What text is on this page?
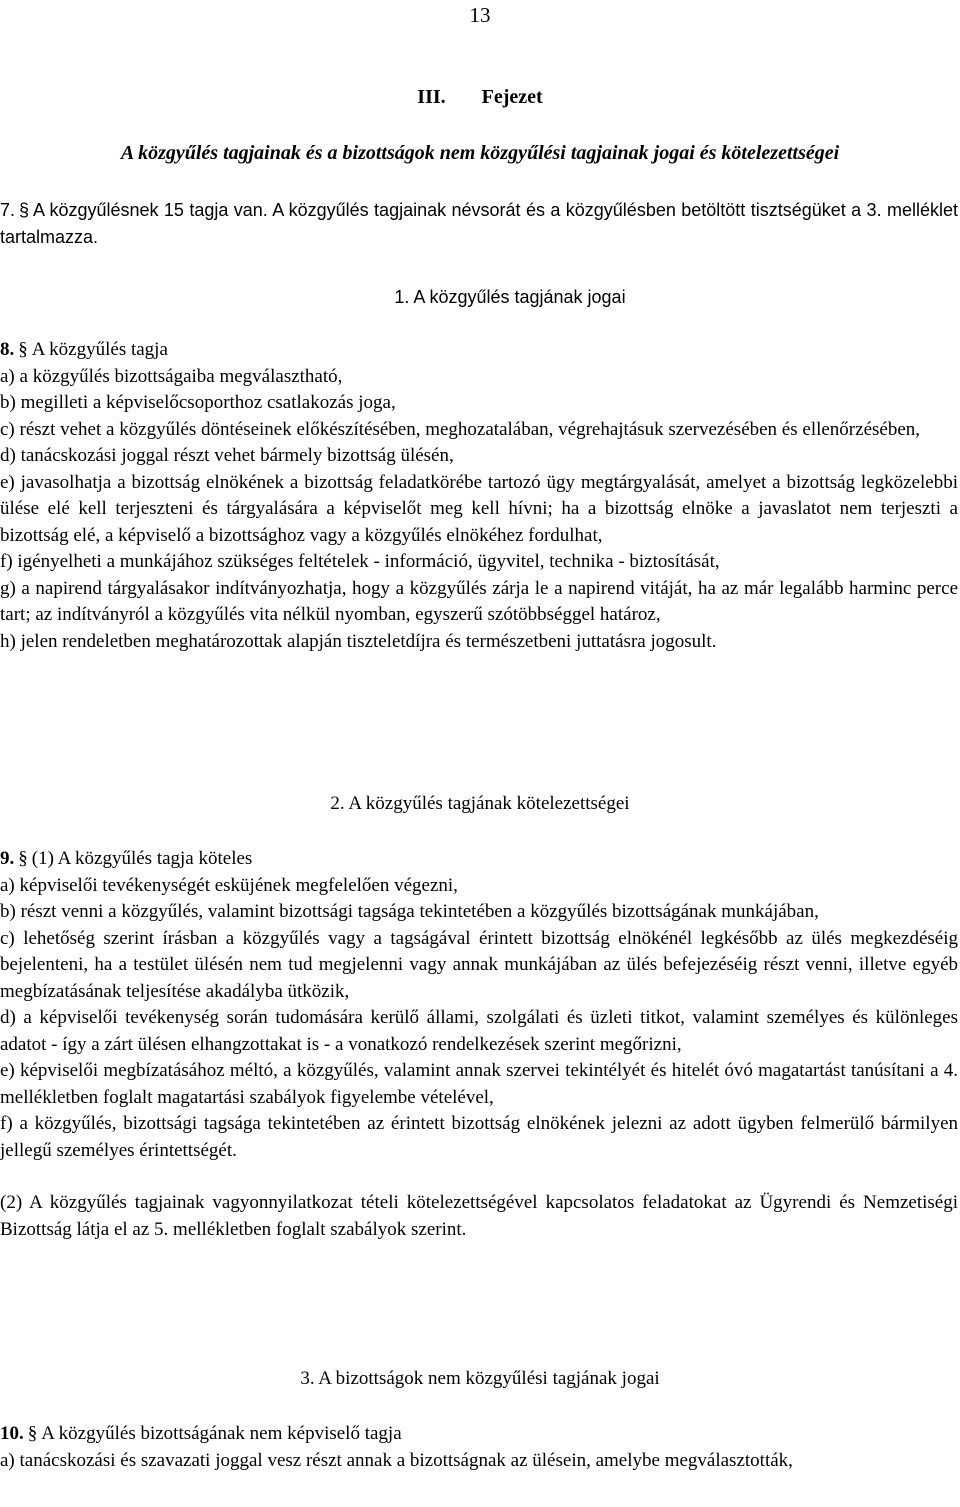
13
III. Fejezet
A közgyűlés tagjainak és a bizottságok nem közgyűlési tagjainak jogai és kötelezettségei

7. § A közgyűlésnek 15 tagja van. A közgyűlés tagjainak névsorát és a közgyűlésben betöltött tisztségüket a 3. melléklet tartalmazza.

1. A közgyűlés tagjának jogai

8. § A közgyűlés tagja

a) a közgyűlés bizottságaiba megválasztható,

b) megilleti a képviselőcsoporthoz csatlakozás joga,

c) részt vehet a közgyűlés döntéseinek előkészítésében, meghozatalában, végrehajtásuk szervezésében és ellenőrzésében,

d) tanácskozási joggal részt vehet bármely bizottság ülésén,

e) javasolhatja a bizottság elnökének a bizottság feladatkörébe tartozó ügy megtárgyalását, amelyet a bizottság legközelebbi ülése elé kell terjeszteni és tárgyalására a képviselőt meg kell hívni; ha a bizottság elnöke a javaslatot nem terjeszti a bizottság elé, a képviselő a bizottsághoz vagy a közgyűlés elnökéhez fordulhat,

f) igényelheti a munkájához szükséges feltételek - információ, ügyvitel, technika - biztosítását,

g) a napirend tárgyalásakor indítványozhatja, hogy a közgyűlés zárja le a napirend vitáját, ha az már legalább harminc perce tart; az indítványról a közgyűlés vita nélkül nyomban, egyszerű szótöbbséggel határoz,

h) jelen rendeletben meghatározottak alapján tiszteletdíjra és természetbeni juttatásra jogosult.

2. A közgyűlés tagjának kötelezettségei

9. § (1) A közgyűlés tagja köteles

a) képviselői tevékenységét esküjének megfelelően végezni,

b) részt venni a közgyűlés, valamint bizottsági tagsága tekintetében a közgyűlés bizottságának munkájában,

c) lehetőség szerint írásban a közgyűlés vagy a tagságával érintett bizottság elnökénél legkésőbb az ülés megkezdéséig bejelenteni, ha a testület ülésén nem tud megjelenni vagy annak munkájában az ülés befejezéséig részt venni, illetve egyéb megbízatásának teljesítése akadályba ütközik,

d) a képviselői tevékenység során tudomására kerülő állami, szolgálati és üzleti titkot, valamint személyes és különleges adatot - így a zárt ülésen elhangzottakat is - a vonatkozó rendelkezések szerint megőrizni,

e) képviselői megbízatásához méltó, a közgyűlés, valamint annak szervei tekintélyét és hitelét óvó magatartást tanúsítani a 4. mellékletben foglalt magatartási szabályok figyelembe vételével,

f) a közgyűlés, bizottsági tagsága tekintetében az érintett bizottság elnökének jelezni az adott ügyben felmerülő bármilyen jellegű személyes érintettségét.

(2) A közgyűlés tagjainak vagyonnyilatkozat tételi kötelezettségével kapcsolatos feladatokat az Ügyrendi és Nemzetiségi Bizottság látja el az 5. mellékletben foglalt szabályok szerint.

3. A bizottságok nem közgyűlési tagjának jogai

10. § A közgyűlés bizottságának nem képviselő tagja

a) tanácskozási és szavazati joggal vesz részt annak a bizottságnak az ülésein, amelybe megválasztották,
